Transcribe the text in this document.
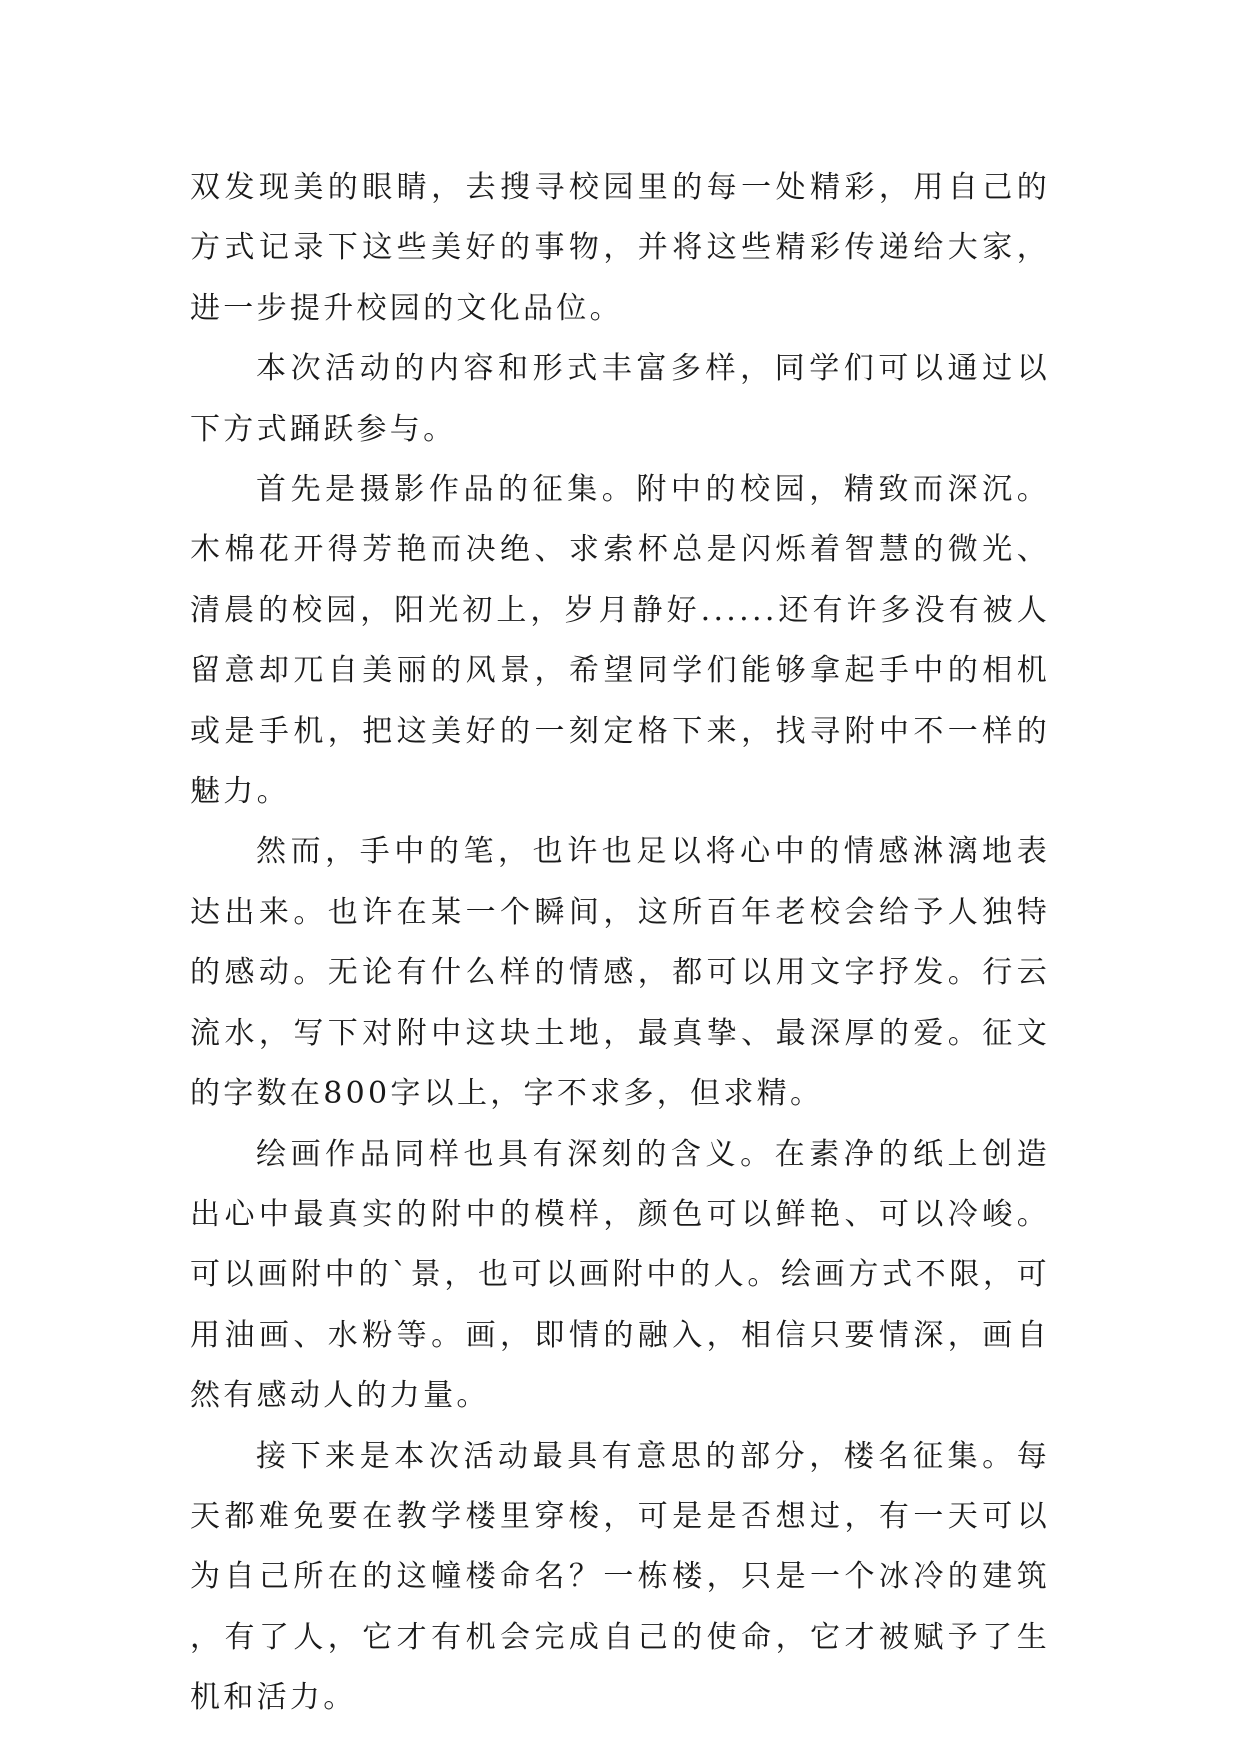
双发现美的眼睛，去搜寻校园里的每一处精彩，用自己的方式记录下这些美好的事物，并将这些精彩传递给大家，进一步提升校园的文化品位。

本次活动的内容和形式丰富多样，同学们可以通过以下方式踊跃参与。

首先是摄影作品的征集。附中的校园，精致而深沉。木棉花开得芳艳而决绝、求索杯总是闪烁着智慧的微光、清晨的校园，阳光初上，岁月静好......还有许多没有被人留意却兀自美丽的风景，希望同学们能够拿起手中的相机或是手机，把这美好的一刻定格下来，找寻附中不一样的魅力。

然而，手中的笔，也许也足以将心中的情感淋漓地表达出来。也许在某一个瞬间，这所百年老校会给予人独特的感动。无论有什么样的情感，都可以用文字抒发。行云流水，写下对附中这块土地，最真挚、最深厚的爱。征文的字数在800字以上，字不求多，但求精。

绘画作品同样也具有深刻的含义。在素净的纸上创造出心中最真实的附中的模样，颜色可以鲜艳、可以冷峻。可以画附中的`景，也可以画附中的人。绘画方式不限，可用油画、水粉等。画，即情的融入，相信只要情深，画自然有感动人的力量。

接下来是本次活动最具有意思的部分，楼名征集。每天都难免要在教学楼里穿梭，可是是否想过，有一天可以为自己所在的这幢楼命名？一栋楼，只是一个冰冷的建筑，有了人，它才有机会完成自己的使命，它才被赋予了生机和活力。
